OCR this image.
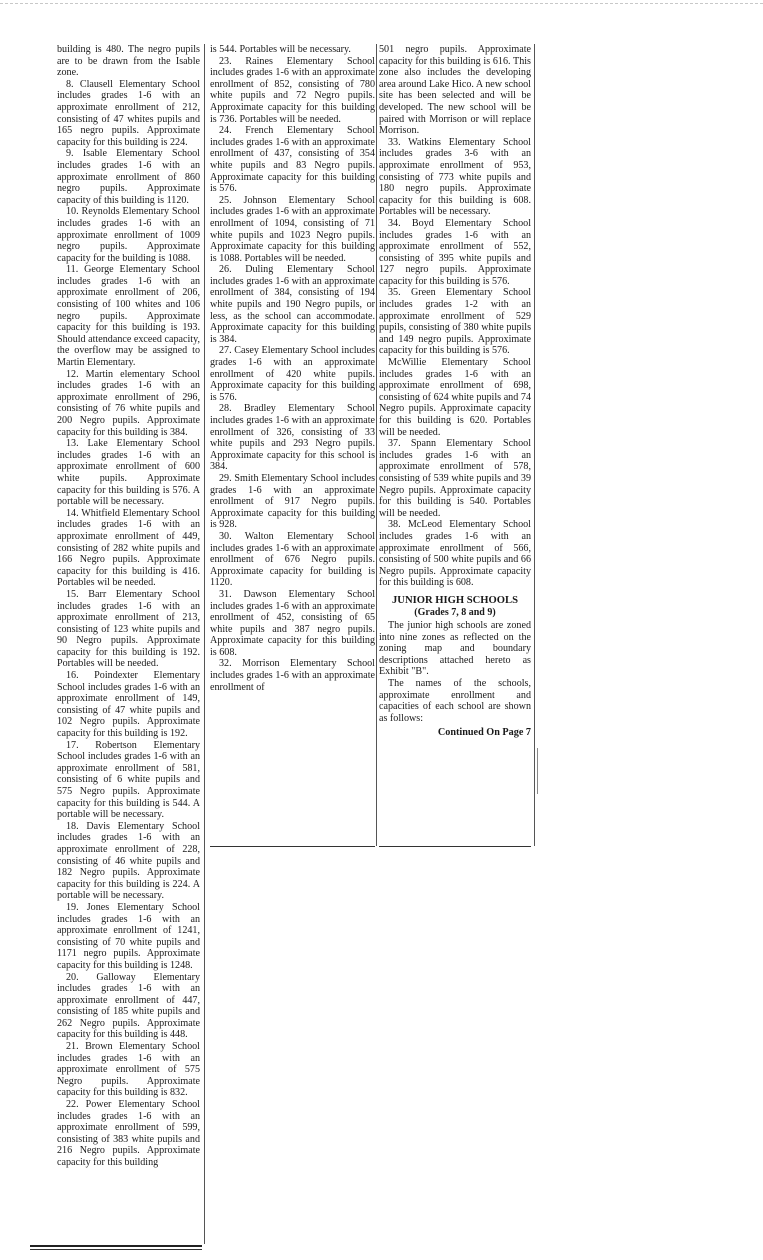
building is 480. The negro pupils are to be drawn from the Isable zone.

8. Clausell Elementary School includes grades 1-6 with an approximate enrollment of 212, consisting of 47 whites pupils and 165 negro pupils. Approximate capacity for this building is 224.

9. Isable Elementary School includes grades 1-6 with an approximate enrollment of 860 negro pupils. Approximate capacity of this building is 1120.

10. Reynolds Elementary School includes grades 1-6 with an approximate enrollment of 1009 negro pupils. Approximate capacity for the building is 1088.

11. George Elementary School includes grades 1-6 with an approximate enrollment of 206, consisting of 100 whites and 106 negro pupils. Approximate capacity for this building is 193. Should attendance exceed capacity, the overflow may be assigned to Martin Elementary.

12. Martin elementary School includes grades 1-6 with an approximate enrollment of 296, consisting of 76 white pupils and 200 Negro pupils. Approximate capacity for this building is 384.

13. Lake Elementary School includes grades 1-6 with an approximate enrollment of 600 white pupils. Approximate capacity for this building is 576. A portable will be necessary.

14. Whitfield Elementary School includes grades 1-6 with an approximate enrollment of 449, consisting of 282 white pupils and 166 Negro pupils. Approximate capacity for this building is 416. Portables wil be needed.

15. Barr Elementary School includes grades 1-6 with an approximate enrollment of 213, consisting of 123 white pupils and 90 Negro pupils. Approximate capacity for this building is 192. Portables will be needed.

16. Poindexter Elementary School includes grades 1-6 with an approximate enrollment of 149, consisting of 47 white pupils and 102 Negro pupils. Approximate capacity for this building is 192.

17. Robertson Elementary School includes grades 1-6 with an approximate enrollment of 581, consisting of 6 white pupils and 575 Negro pupils. Approximate capacity for this building is 544. A portable will be necessary.

18. Davis Elementary School includes grades 1-6 with an approximate enrollment of 228, consisting of 46 white pupils and 182 Negro pupils. Approximate capacity for this building is 224. A portable will be necessary.

19. Jones Elementary School includes grades 1-6 with an approximate enrollment of 1241, consisting of 70 white pupils and 1171 negro pupils. Approximate capacity for this building is 1248.

20. Galloway Elementary includes grades 1-6 with an approximate enrollment of 447, consisting of 185 white pupils and 262 Negro pupils. Approximate capacity for this building is 448.

21. Brown Elementary School includes grades 1-6 with an approximate enrollment of 575 Negro pupils. Approximate capacity for this building is 832.

22. Power Elementary School includes grades 1-6 with an approximate enrollment of 599, consisting of 383 white pupils and 216 Negro pupils. Approximate capacity for this building

is 544. Portables will be necessary.

23. Raines Elementary School includes grades 1-6 with an approximate enrollment of 852, consisting of 780 white pupils and 72 Negro pupils. Approximate capacity for this building is 736. Portables will be needed.

24. French Elementary School includes grades 1-6 with an approximate enrollment of 437, consisting of 354 white pupils and 83 Negro pupils. Approximate capacity for this building is 576.

25. Johnson Elementary School includes grades 1-6 with an approximate enrollment of 1094, consisting of 71 white pupils and 1023 Negro pupils. Approximate capacity for this building is 1088. Portables will be needed.

26. Duling Elementary School includes grades 1-6 with an approximate enrollment of 384, consisting of 194 white pupils and 190 Negro pupils, or less, as the school can accommodate. Approximate capacity for this building is 384.

27. Casey Elementary School includes grades 1-6 with an approximate enrollment of 420 white pupils. Approximate capacity for this building is 576.

28. Bradley Elementary School includes grades 1-6 with an approximate enrollment of 326, consisting of 33 white pupils and 293 Negro pupils. Approximate capacity for this school is 384.

29. Smith Elementary School includes grades 1-6 with an approximate enrollment of 917 Negro pupils. Approximate capacity for this building is 928.

30. Walton Elementary School includes grades 1-6 with an approximate enrollment of 676 Negro pupils. Approximate capacity for building is 1120.

31. Dawson Elementary School includes grades 1-6 with an approximate enrollment of 452, consisting of 65 white pupils and 387 negro pupils. Approximate capacity for this building is 608.

32. Morrison Elementary School includes grades 1-6 with an approximate enrollment of

501 negro pupils. Approximate capacity for this building is 616. This zone also includes the developing area around Lake Hico. A new school site has been selected and will be developed. The new school will be paired with Morrison or will replace Morrison.

33. Watkins Elementary School includes grades 3-6 with an approximate enrollment of 953, consisting of 773 white pupils and 180 negro pupils. Approximate capacity for this building is 608. Portables will be necessary.

34. Boyd Elementary School includes grades 1-6 with an approximate enrollment of 552, consisting of 395 white pupils and 127 negro pupils. Approximate capacity for this building is 576.

35. Green Elementary School includes grades 1-2 with an approximate enrollment of 529 pupils, consisting of 380 white pupils and 149 negro pupils. Approximate capacity for this building is 576.

McWillie Elementary School includes grades 1-6 with an approximate enrollment of 698, consisting of 624 white pupils and 74 Negro pupils. Approximate capacity for this building is 620. Portables will be needed.

37. Spann Elementary School includes grades 1-6 with an approximate enrollment of 578, consisting of 539 white pupils and 39 Negro pupils. Approximate capacity for this building is 540. Portables will be needed.

38. McLeod Elementary School includes grades 1-6 with an approximate enrollment of 566, consisting of 500 white pupils and 66 Negro pupils. Approximate capacity for this building is 608.

JUNIOR HIGH SCHOOLS

(Grades 7, 8 and 9)

The junior high schools are zoned into nine zones as reflected on the zoning map and boundary descriptions attached hereto as Exhibit "B".

The names of the schools, approximate enrollment and capacities of each school are shown as follows:

Continued On Page 7
